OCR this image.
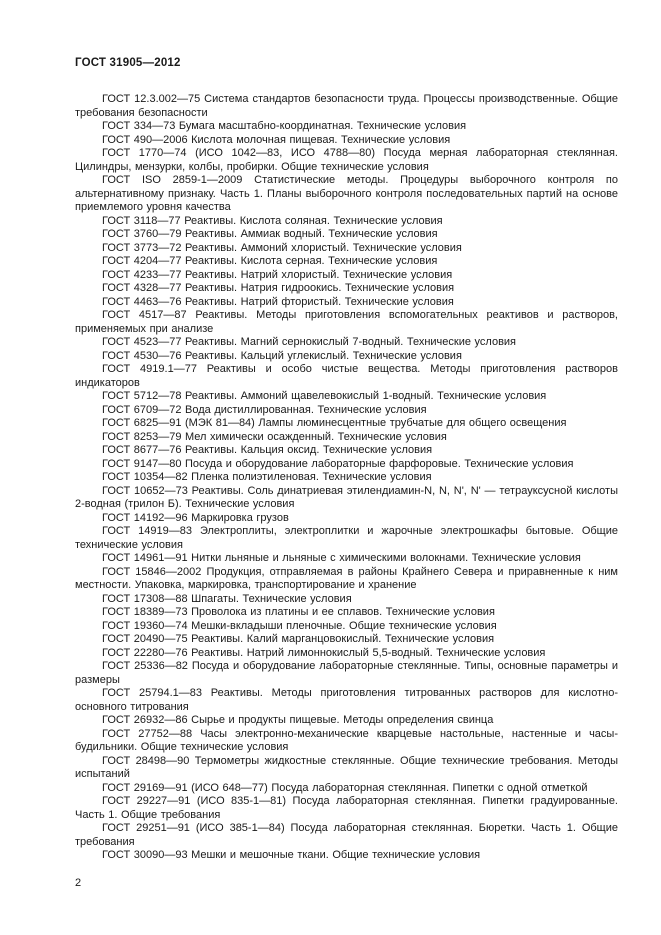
ГОСТ 31905—2012

ГОСТ 12.3.002—75 Система стандартов безопасности труда. Процессы производственные. Общие требования безопасности

ГОСТ 334—73 Бумага масштабно-координатная. Технические условия

ГОСТ 490—2006 Кислота молочная пищевая. Технические условия

ГОСТ 1770—74 (ИСО 1042—83, ИСО 4788—80) Посуда мерная лабораторная стеклянная. Цилиндры, мензурки, колбы, пробирки. Общие технические условия

ГОСТ ISO 2859-1—2009 Статистические методы. Процедуры выборочного контроля по альтернативному признаку. Часть 1. Планы выборочного контроля последовательных партий на основе приемлемого уровня качества

ГОСТ 3118—77 Реактивы. Кислота соляная. Технические условия

ГОСТ 3760—79 Реактивы. Аммиак водный. Технические условия

ГОСТ 3773—72 Реактивы. Аммоний хлористый. Технические условия

ГОСТ 4204—77 Реактивы. Кислота серная. Технические условия

ГОСТ 4233—77 Реактивы. Натрий хлористый. Технические условия

ГОСТ 4328—77 Реактивы. Натрия гидроокись. Технические условия

ГОСТ 4463—76 Реактивы. Натрий фтористый. Технические условия

ГОСТ 4517—87 Реактивы. Методы приготовления вспомогательных реактивов и растворов, применяемых при анализе

ГОСТ 4523—77 Реактивы. Магний сернокислый 7-водный. Технические условия

ГОСТ 4530—76 Реактивы. Кальций углекислый. Технические условия

ГОСТ 4919.1—77 Реактивы и особо чистые вещества. Методы приготовления растворов индикаторов

ГОСТ 5712—78 Реактивы. Аммоний щавелевокислый 1-водный. Технические условия

ГОСТ 6709—72 Вода дистиллированная. Технические условия

ГОСТ 6825—91 (МЭК 81—84) Лампы люминесцентные трубчатые для общего освещения

ГОСТ 8253—79 Мел химически осажденный. Технические условия

ГОСТ 8677—76 Реактивы. Кальция оксид. Технические условия

ГОСТ 9147—80 Посуда и оборудование лабораторные фарфоровые. Технические условия

ГОСТ 10354—82 Пленка полиэтиленовая. Технические условия

ГОСТ 10652—73 Реактивы. Соль динатриевая этилендиамин-N, N, N', N' — тетрауксусной кислоты 2-водная (трилон Б). Технические условия

ГОСТ 14192—96 Маркировка грузов

ГОСТ 14919—83 Электроплиты, электроплитки и жарочные электрошкафы бытовые. Общие технические условия

ГОСТ 14961—91 Нитки льняные и льняные с химическими волокнами. Технические условия

ГОСТ 15846—2002 Продукция, отправляемая в районы Крайнего Севера и приравненные к ним местности. Упаковка, маркировка, транспортирование и хранение

ГОСТ 17308—88 Шпагаты. Технические условия

ГОСТ 18389—73 Проволока из платины и ее сплавов. Технические условия

ГОСТ 19360—74 Мешки-вкладыши пленочные. Общие технические условия

ГОСТ 20490—75 Реактивы. Калий марганцовокислый. Технические условия

ГОСТ 22280—76 Реактивы. Натрий лимоннокислый 5,5-водный. Технические условия

ГОСТ 25336—82 Посуда и оборудование лабораторные стеклянные. Типы, основные параметры и размеры

ГОСТ 25794.1—83 Реактивы. Методы приготовления титрованных растворов для кислотно-основного титрования

ГОСТ 26932—86 Сырье и продукты пищевые. Методы определения свинца

ГОСТ 27752—88 Часы электронно-механические кварцевые настольные, настенные и часы-будильники. Общие технические условия

ГОСТ 28498—90 Термометры жидкостные стеклянные. Общие технические требования. Методы испытаний

ГОСТ 29169—91 (ИСО 648—77) Посуда лабораторная стеклянная. Пипетки с одной отметкой

ГОСТ 29227—91 (ИСО 835-1—81) Посуда лабораторная стеклянная. Пипетки градуированные. Часть 1. Общие требования

ГОСТ 29251—91 (ИСО 385-1—84) Посуда лабораторная стеклянная. Бюретки. Часть 1. Общие требования

ГОСТ 30090—93 Мешки и мешочные ткани. Общие технические условия

2
